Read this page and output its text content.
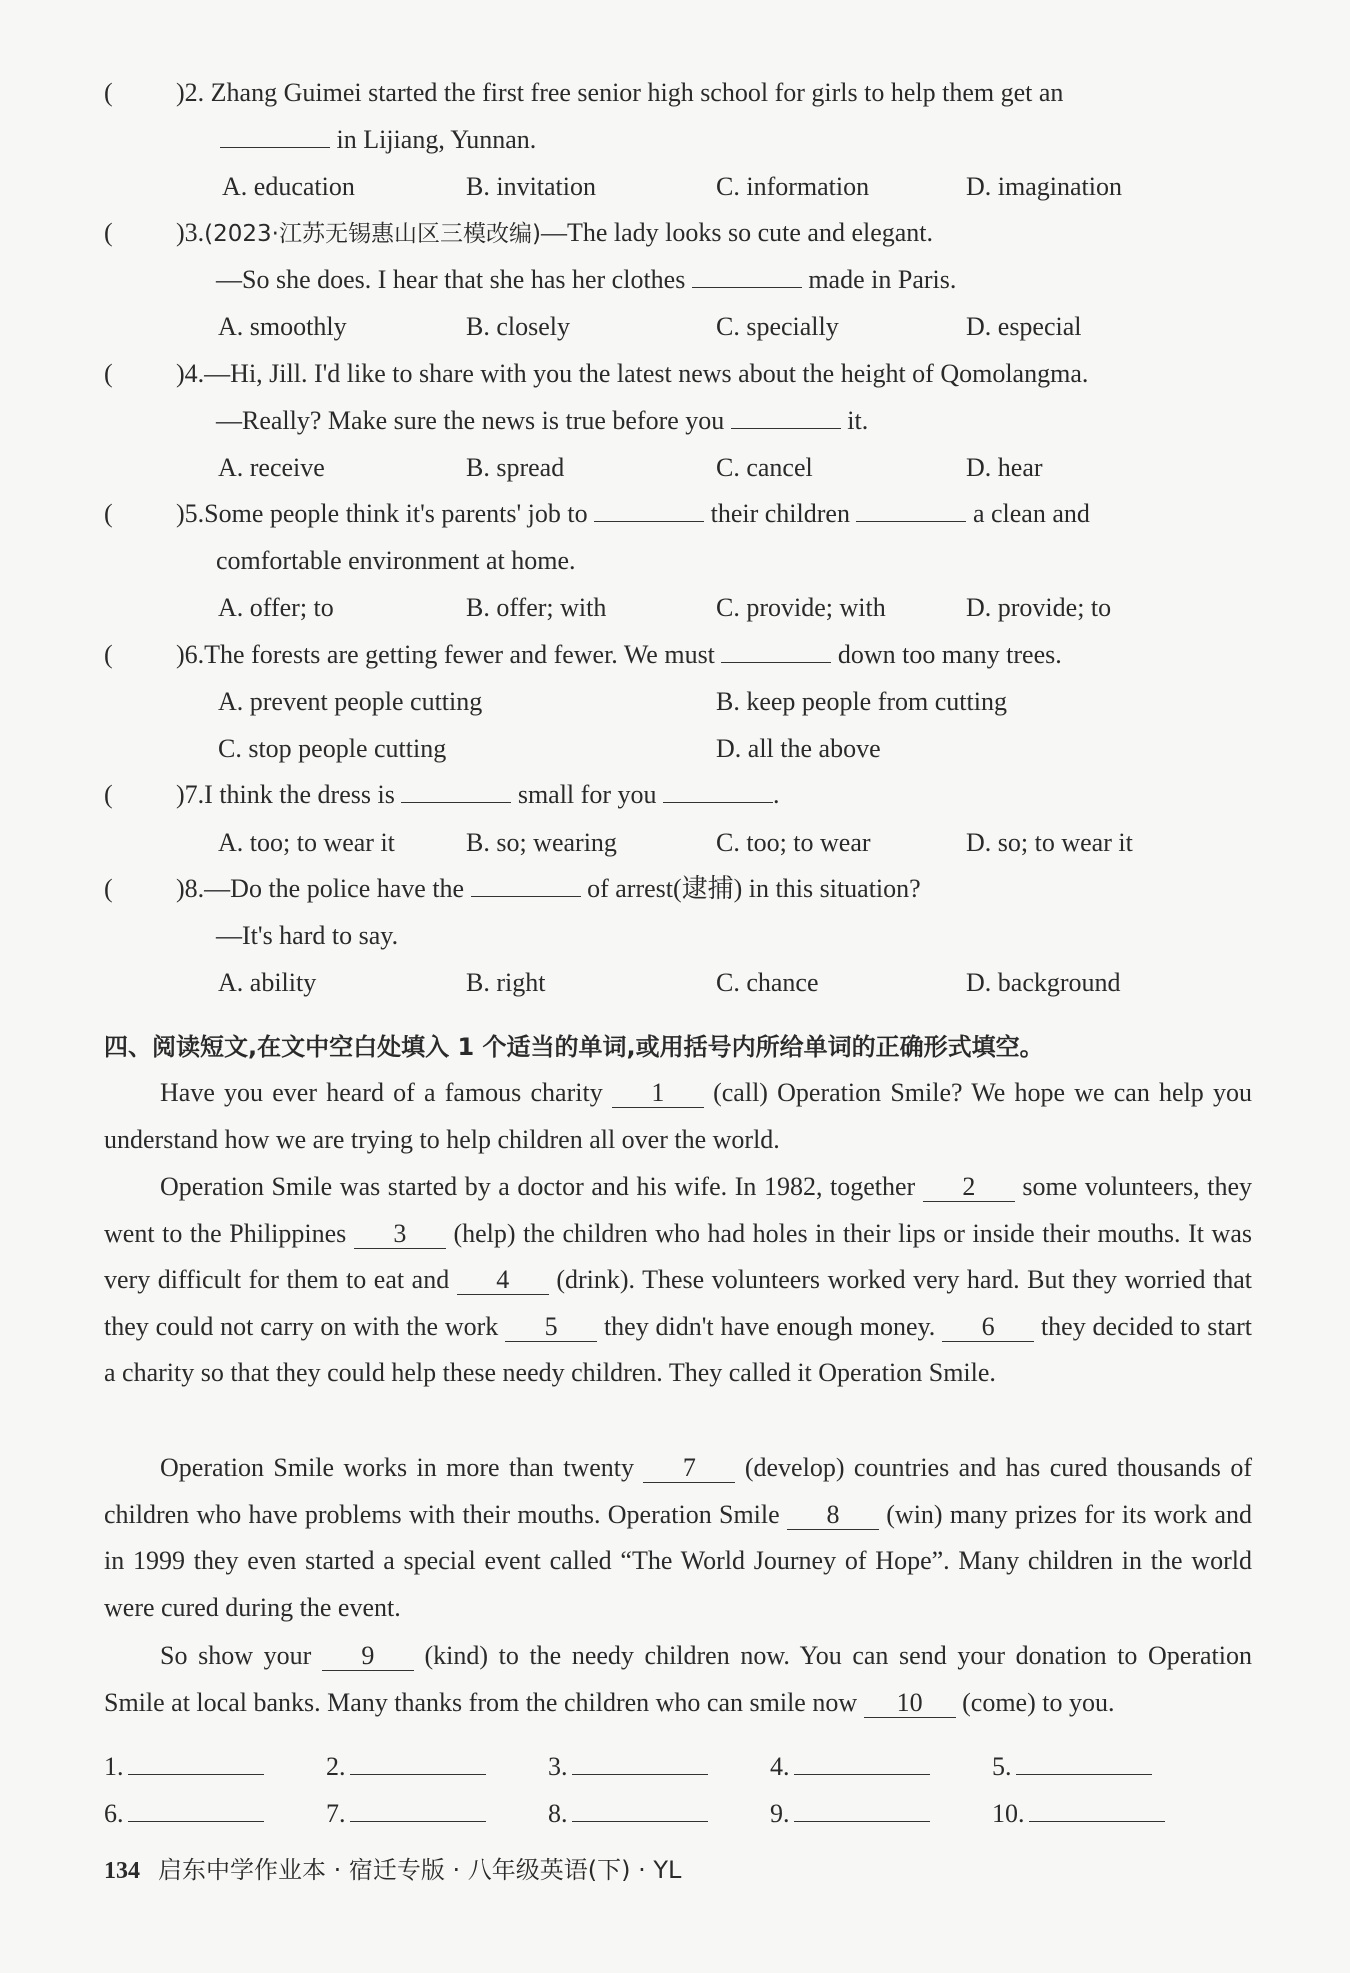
( )2. Zhang Guimei started the first free senior high school for girls to help them get an
in Lijiang, Yunnan.
A. education	B. invitation	C. information	D. imagination
( )3.(2023·江苏无锡惠山区三模改编)—The lady looks so cute and elegant.
—So she does. I hear that she has her clothes	made in Paris.
A. smoothly	B. closely	C. specially	D. especial
( )4.—Hi, Jill. I'd like to share with you the latest news about the height of Qomolangma.
—Really? Make sure the news is true before you	it.
A. receive	B. spread	C. cancel	D. hear
( )5.Some people think it's parents' job to	their children	a clean and
comfortable environment at home.
A. offer; to	B. offer; with	C. provide; with	D. provide; to
( )6.The forests are getting fewer and fewer. We must	down too many trees.
A. prevent people cutting	B. keep people from cutting
C. stop people cutting	D. all the above
( )7.I think the dress is	small for you	.
A. too; to wear it	B. so; wearing	C. too; to wear	D. so; to wear it
( )8.—Do the police have the	of arrest(逮捕) in this situation?
—It's hard to say.
A. ability	B. right	C. chance	D. background
四、阅读短文,在文中空白处填入 1 个适当的单词,或用括号内所给单词的正确形式填空。
Have you ever heard of a famous charity 1 (call) Operation Smile? We hope we can help you understand how we are trying to help children all over the world.
Operation Smile was started by a doctor and his wife. In 1982, together 2 some volunteers, they went to the Philippines 3 (help) the children who had holes in their lips or inside their mouths. It was very difficult for them to eat and 4 (drink). These volunteers worked very hard. But they worried that they could not carry on with the work 5 they didn't have enough money. 6 they decided to start a charity so that they could help these needy children. They called it Operation Smile.
Operation Smile works in more than twenty 7 (develop) countries and has cured thousands of children who have problems with their mouths. Operation Smile 8 (win) many prizes for its work and in 1999 they even started a special event called “The World Journey of Hope”. Many children in the world were cured during the event.
So show your 9 (kind) to the needy children now. You can send your donation to Operation Smile at local banks. Many thanks from the children who can smile now 10 (come) to you.
1.	2.	3.	4.	5.
6.	7.	8.	9.	10.
134 启东中学作业本 · 宿迁专版 · 八年级英语(下) · YL
